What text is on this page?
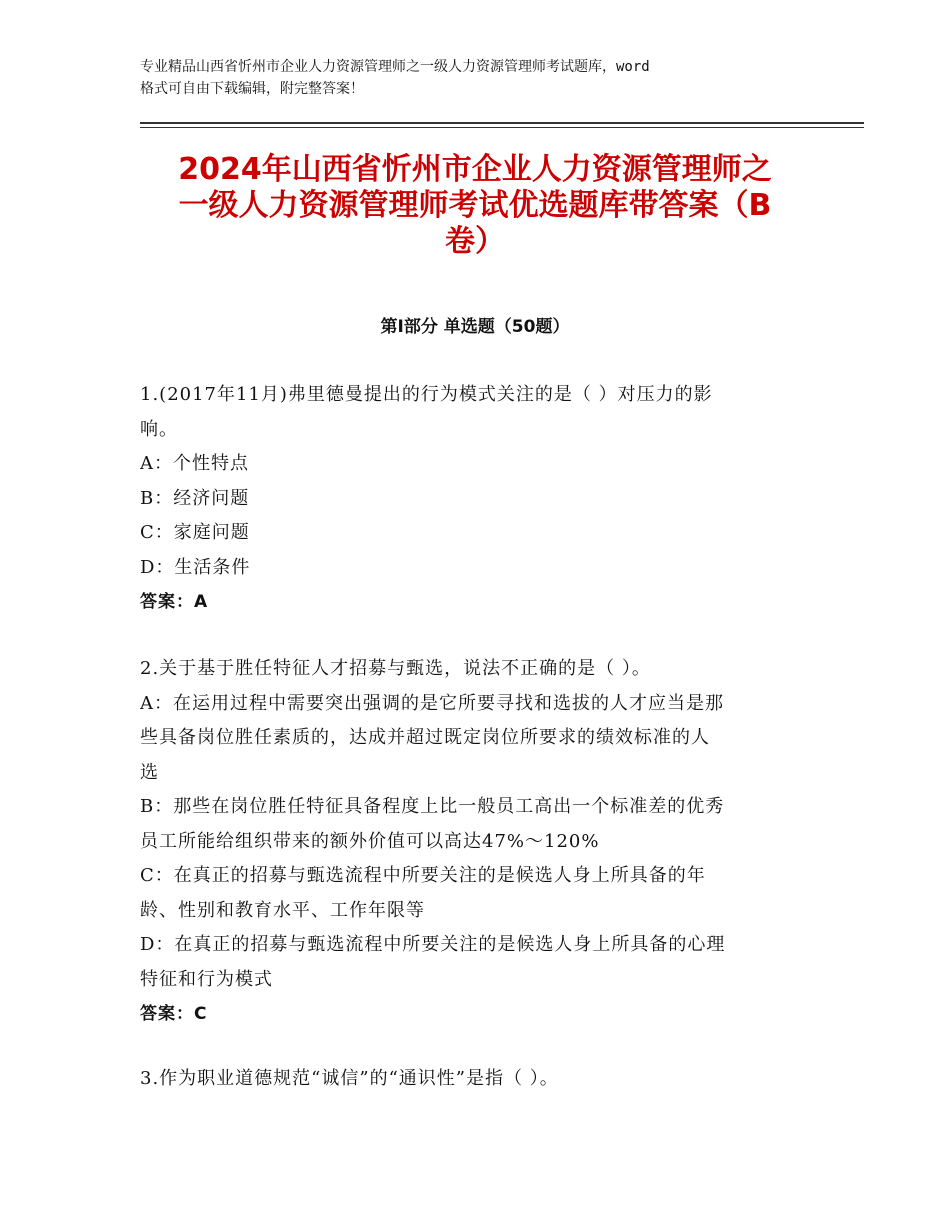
专业精品山西省忻州市企业人力资源管理师之一级人力资源管理师考试题库，word
格式可自由下载编辑，附完整答案！
2024年山西省忻州市企业人力资源管理师之
一级人力资源管理师考试优选题库带答案（B
卷）
第Ⅰ部分 单选题（50题）
1.(2017年11月)弗里德曼提出的行为模式关注的是（ ）对压力的影
响。
A：个性特点
B：经济问题
C：家庭问题
D：生活条件
答案：A
2.关于基于胜任特征人才招募与甄选，说法不正确的是（ ）。
A：在运用过程中需要突出强调的是它所要寻找和选拔的人才应当是那
些具备岗位胜任素质的，达成并超过既定岗位所要求的绩效标准的人
选
B：那些在岗位胜任特征具备程度上比一般员工高出一个标准差的优秀
员工所能给组织带来的额外价值可以高达47%～120%
C：在真正的招募与甄选流程中所要关注的是候选人身上所具备的年
龄、性别和教育水平、工作年限等
D：在真正的招募与甄选流程中所要关注的是候选人身上所具备的心理
特征和行为模式
答案：C
3.作为职业道德规范“诚信”的“通识性”是指（ ）。
